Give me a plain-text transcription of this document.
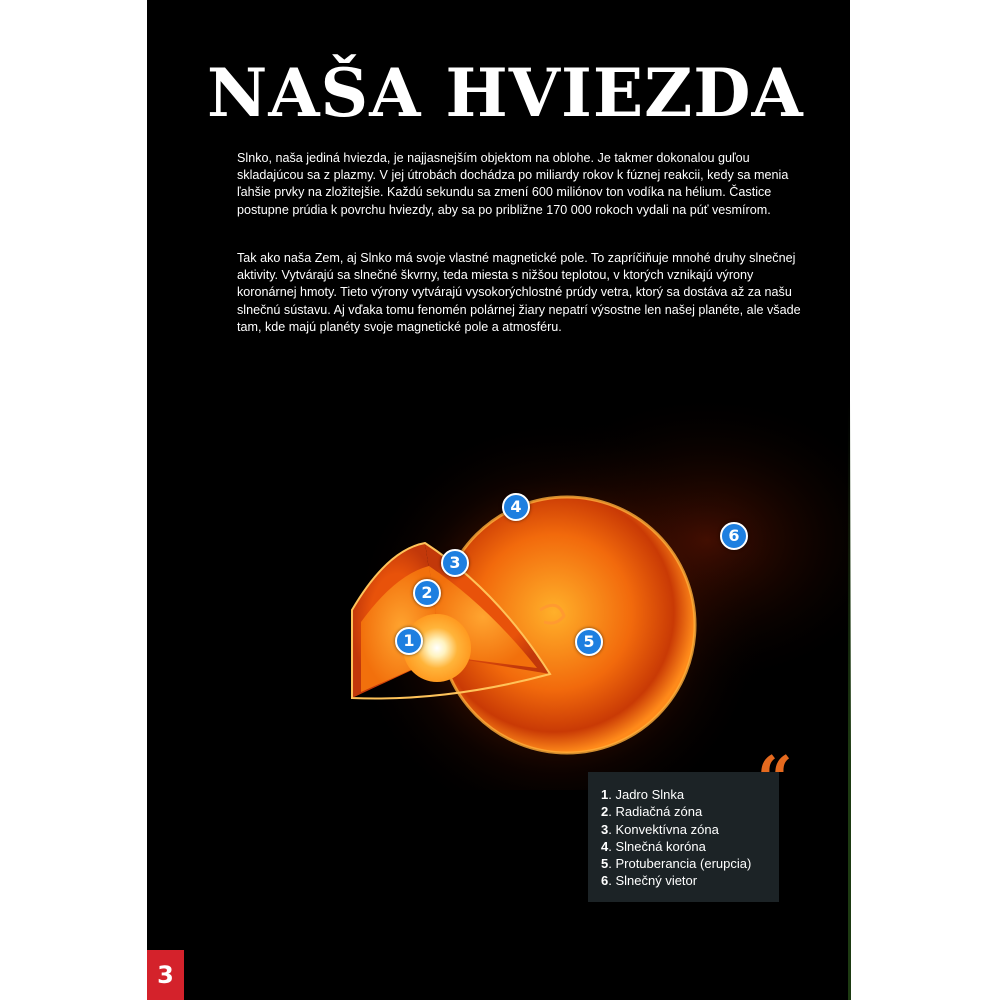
NAŠA HVIEZDA

Slnko, naša jediná hviezda, je najjasnejším objektom na oblohe. Je takmer dokonalou guľou skladajúcou sa z plazmy. V jej útrobách dochádza po miliardy rokov k fúznej reakcii, kedy sa menia ľahšie prvky na zložitejšie. Každú sekundu sa zmení 600 miliónov ton vodíka na hélium. Častice postupne prúdia k povrchu hviezdy, aby sa po približne 170 000 rokoch vydali na púť vesmírom.

Tak ako naša Zem, aj Slnko má svoje vlastné magnetické pole. To zapríčiňuje mnohé druhy slnečnej aktivity. Vytvárajú sa slnečné škvrny, teda miesta s nižšou teplotou, v ktorých vznikajú výrony koronárnej hmoty. Tieto výrony vytvárajú vysokorýchlostné prúdy vetra, ktorý sa dostáva až za našu slnečnú sústavu. Aj vďaka tomu fenomén polárnej žiary nepatrí výsostne len našej planéte, ale všade tam, kde majú planéty svoje magnetické pole a atmosféru.

1
2
3
4
5
6
1. Jadro Slnka
2. Radiačná zóna
3. Konvektívna zóna
4. Slnečná koróna
5. Protuberancia (erupcia)
6. Slnečný vietor
“
3
